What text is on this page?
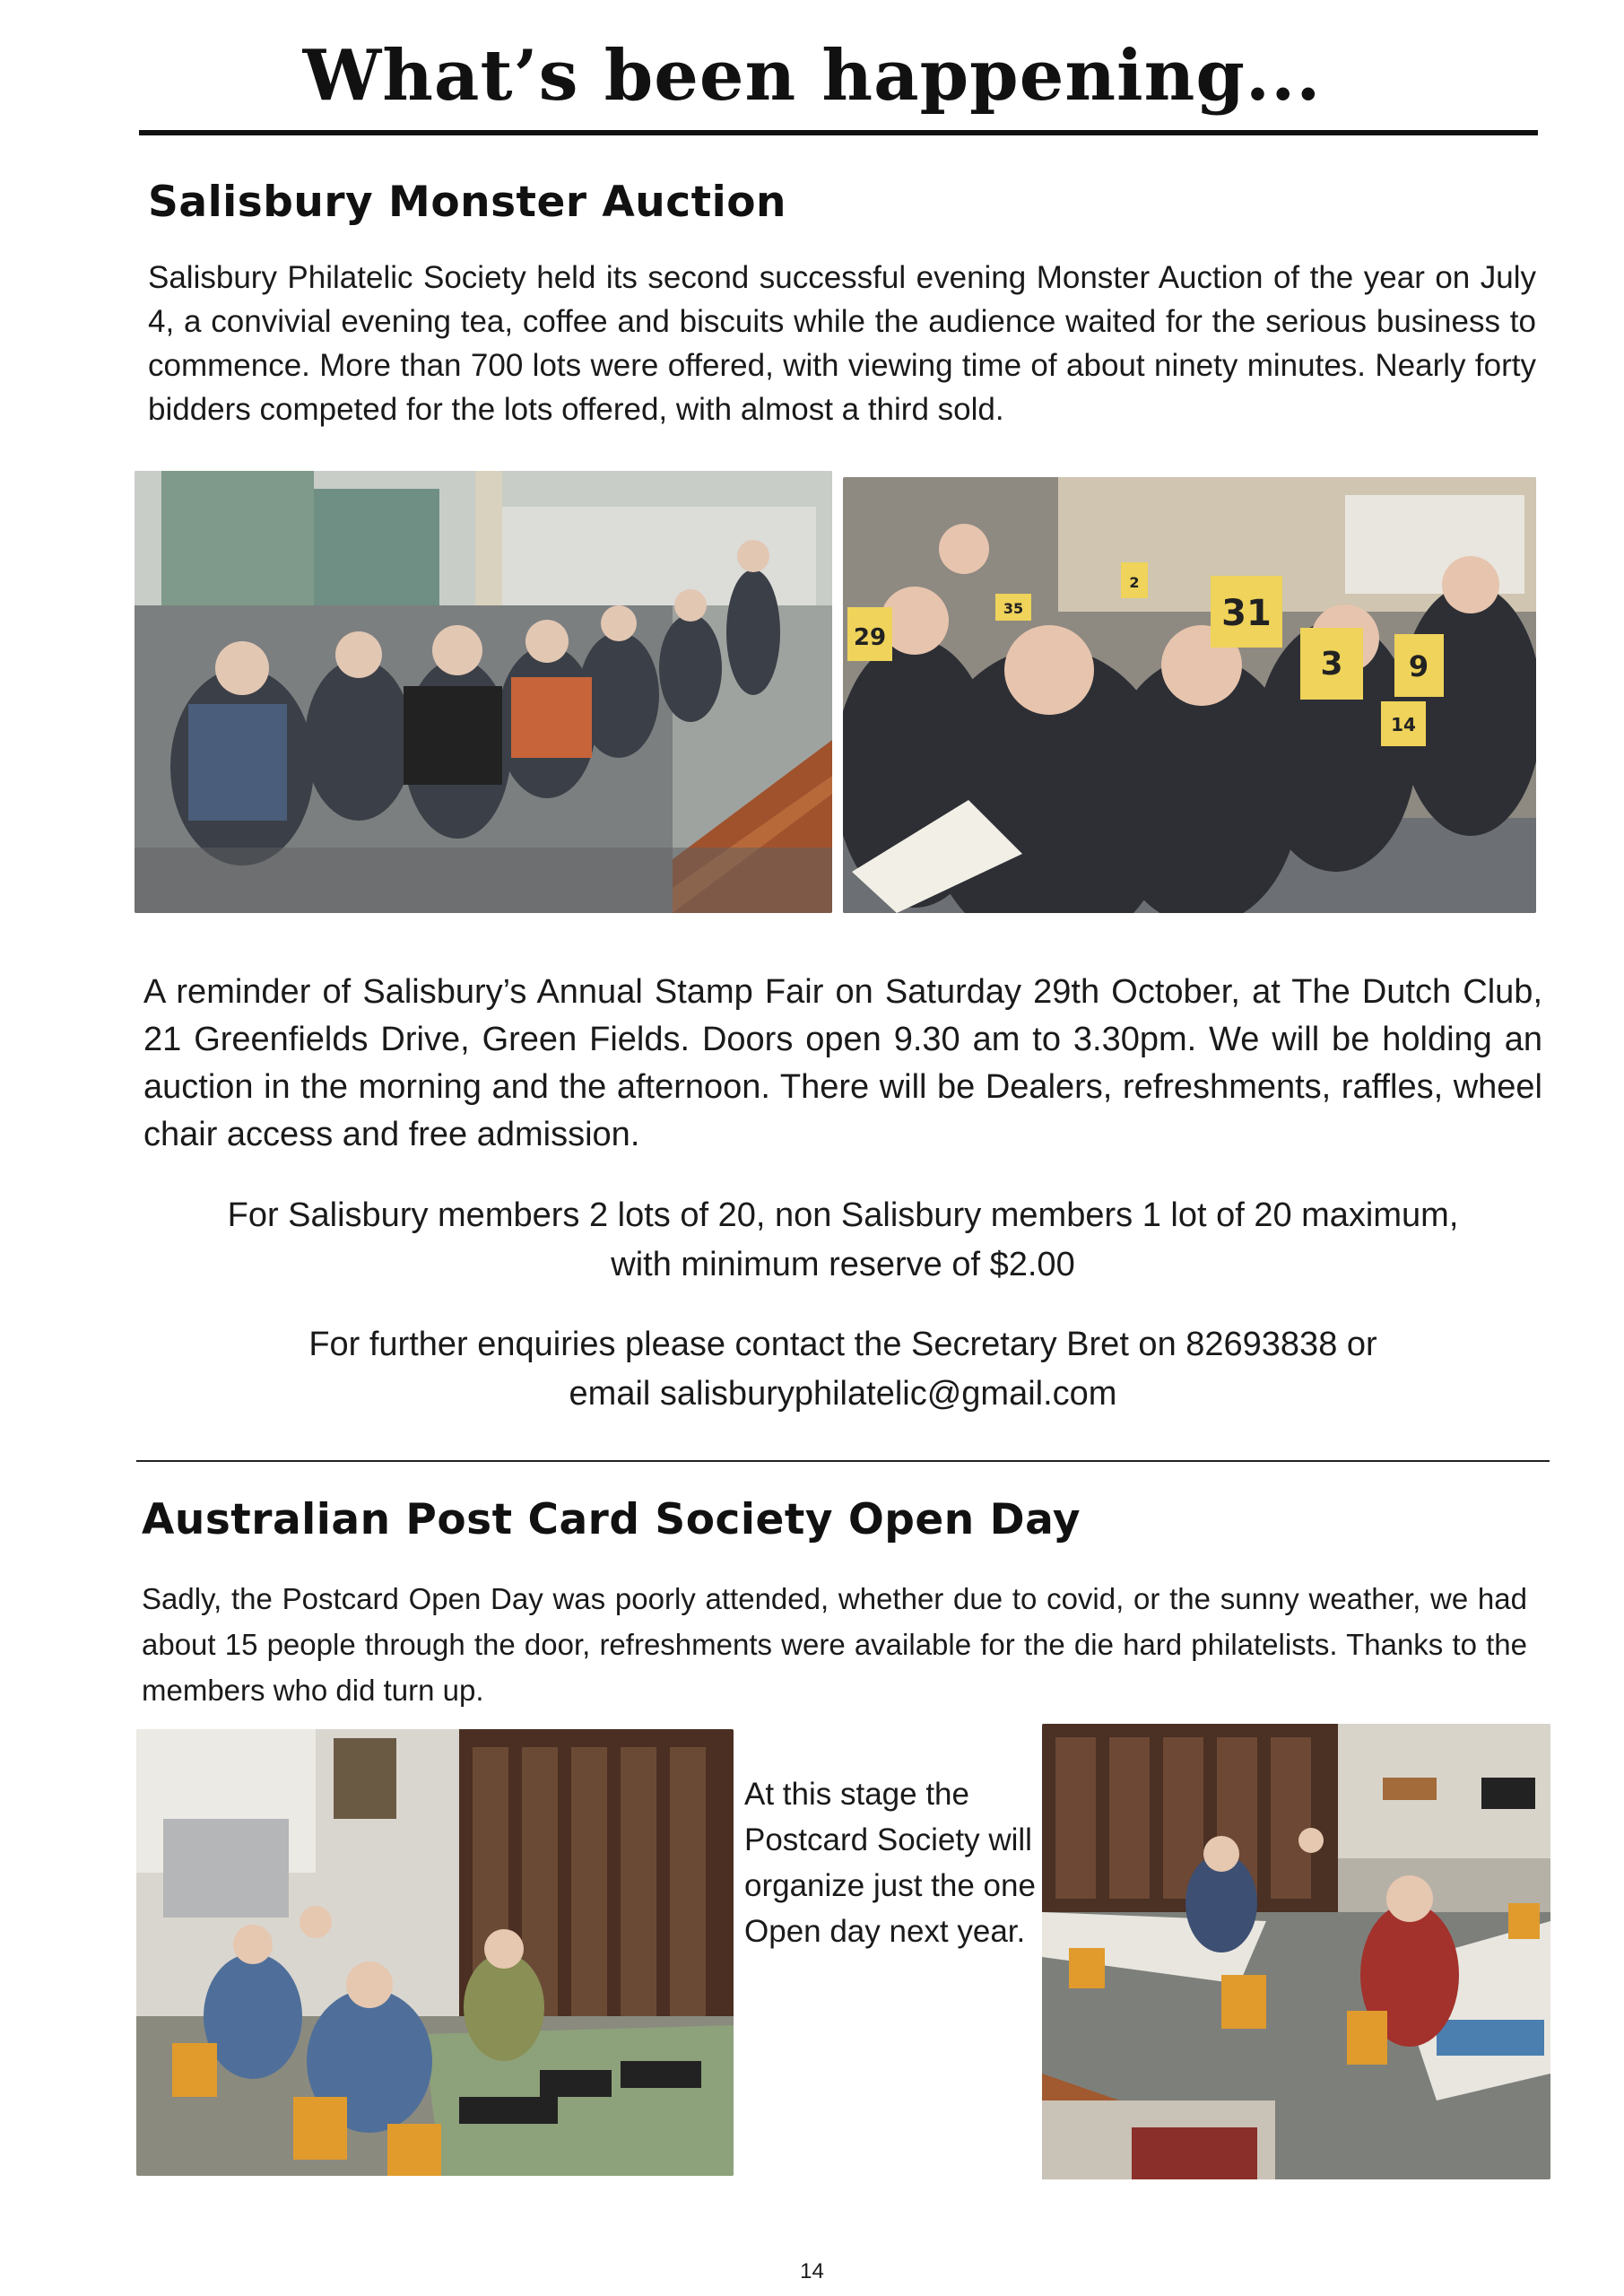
What’s been happening...
Salisbury Monster Auction
Salisbury Philatelic Society held its second successful evening Monster Auction of the year on July 4, a convivial evening tea, coffee and biscuits while the audience waited for the serious business to commence. More than 700 lots were offered, with viewing time of about ninety minutes. Nearly forty bidders competed for the lots offered, with almost a third sold.
29
35
2
31
3 9
14
A reminder of Salisbury’s Annual Stamp Fair on Saturday 29th October, at The Dutch Club, 21 Greenfields Drive, Green Fields. Doors open 9.30 am to 3.30pm. We will be holding an auction in the morning and the afternoon. There will be Dealers, refreshments, raffles, wheel chair access and free admission.
For Salisbury members 2 lots of 20, non Salisbury members 1 lot of 20 maximum,
with minimum reserve of $2.00
For further enquiries please contact the Secretary Bret on 82693838 or
email salisburyphilatelic@gmail.com
Australian Post Card Society Open Day
Sadly, the Postcard Open Day was poorly attended, whether due to covid, or the sunny weather, we had about 15 people through the door, refreshments were available for the die hard philatelists. Thanks to the members who did turn up.
At this stage the
Postcard Society will
organize just the one
Open day next year.
14
